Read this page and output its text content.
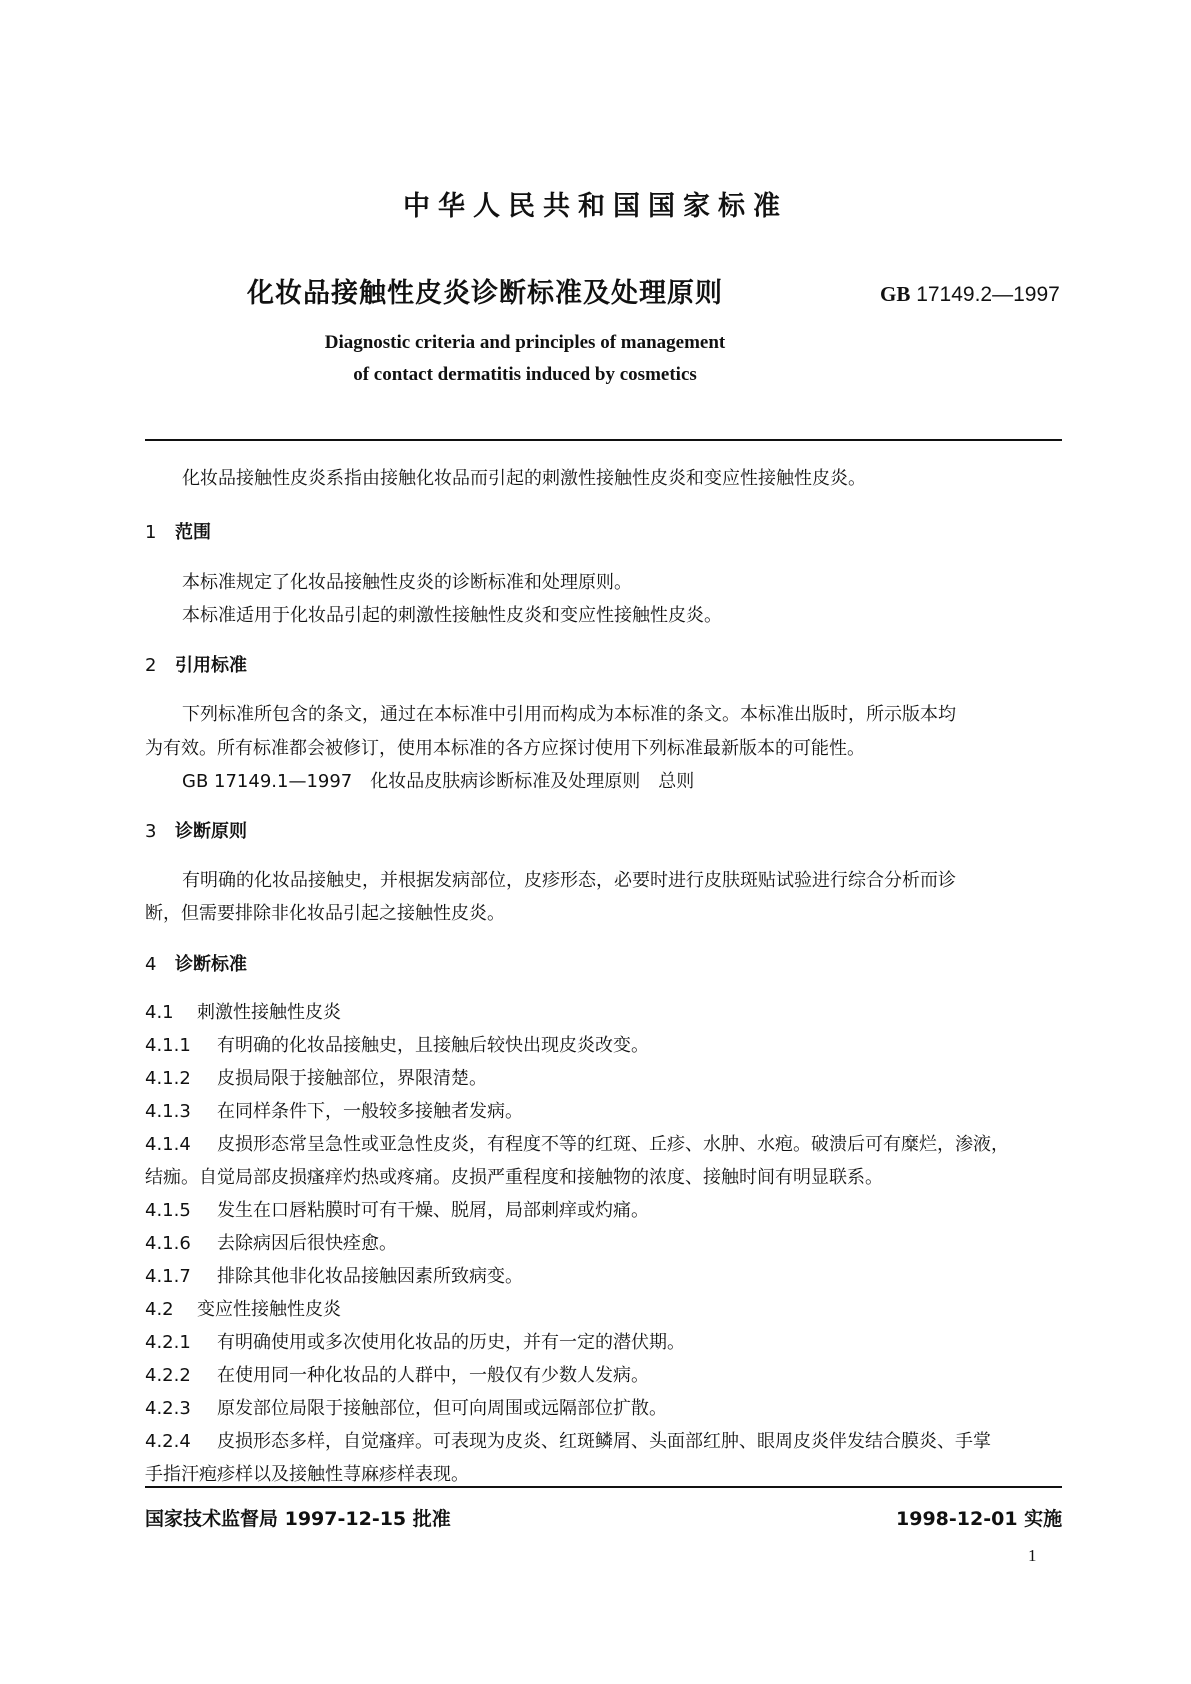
中华人民共和国国家标准
化妆品接触性皮炎诊断标准及处理原则	GB 17149.2—1997
Diagnostic criteria and principles of management
of contact dermatitis induced by cosmetics
化妆品接触性皮炎系指由接触化妆品而引起的刺激性接触性皮炎和变应性接触性皮炎。
1 范围
本标准规定了化妆品接触性皮炎的诊断标准和处理原则。
本标准适用于化妆品引起的刺激性接触性皮炎和变应性接触性皮炎。
2 引用标准
下列标准所包含的条文，通过在本标准中引用而构成为本标准的条文。本标准出版时，所示版本均
为有效。所有标准都会被修订，使用本标准的各方应探讨使用下列标准最新版本的可能性。
GB 17149.1—1997　 化妆品皮肤病诊断标准及处理原则　总则
3 诊断原则
有明确的化妆品接触史，并根据发病部位，皮疹形态，必要时进行皮肤斑贴试验进行综合分析而诊
断，但需要排除非化妆品引起之接触性皮炎。
4 诊断标准
4.1 刺激性接触性皮炎
4.1.1 有明确的化妆品接触史，且接触后较快出现皮炎改变。
4.1.2 皮损局限于接触部位，界限清楚。
4.1.3 在同样条件下，一般较多接触者发病。
4.1.4 皮损形态常呈急性或亚急性皮炎，有程度不等的红斑、丘疹、水肿、水疱。破溃后可有糜烂，渗液，
结痂。自觉局部皮损瘙痒灼热或疼痛。皮损严重程度和接触物的浓度、接触时间有明显联系。
4.1.5 发生在口唇粘膜时可有干燥、脱屑，局部刺痒或灼痛。
4.1.6 去除病因后很快痊愈。
4.1.7 排除其他非化妆品接触因素所致病变。
4.2 变应性接触性皮炎
4.2.1 有明确使用或多次使用化妆品的历史，并有一定的潜伏期。
4.2.2 在使用同一种化妆品的人群中，一般仅有少数人发病。
4.2.3 原发部位局限于接触部位，但可向周围或远隔部位扩散。
4.2.4 皮损形态多样，自觉瘙痒。可表现为皮炎、红斑鳞屑、头面部红肿、眼周皮炎伴发结合膜炎、手掌
手指汗疱疹样以及接触性荨麻疹样表现。
国家技术监督局 1997-12-15 批准	1998-12-01 实施
1
